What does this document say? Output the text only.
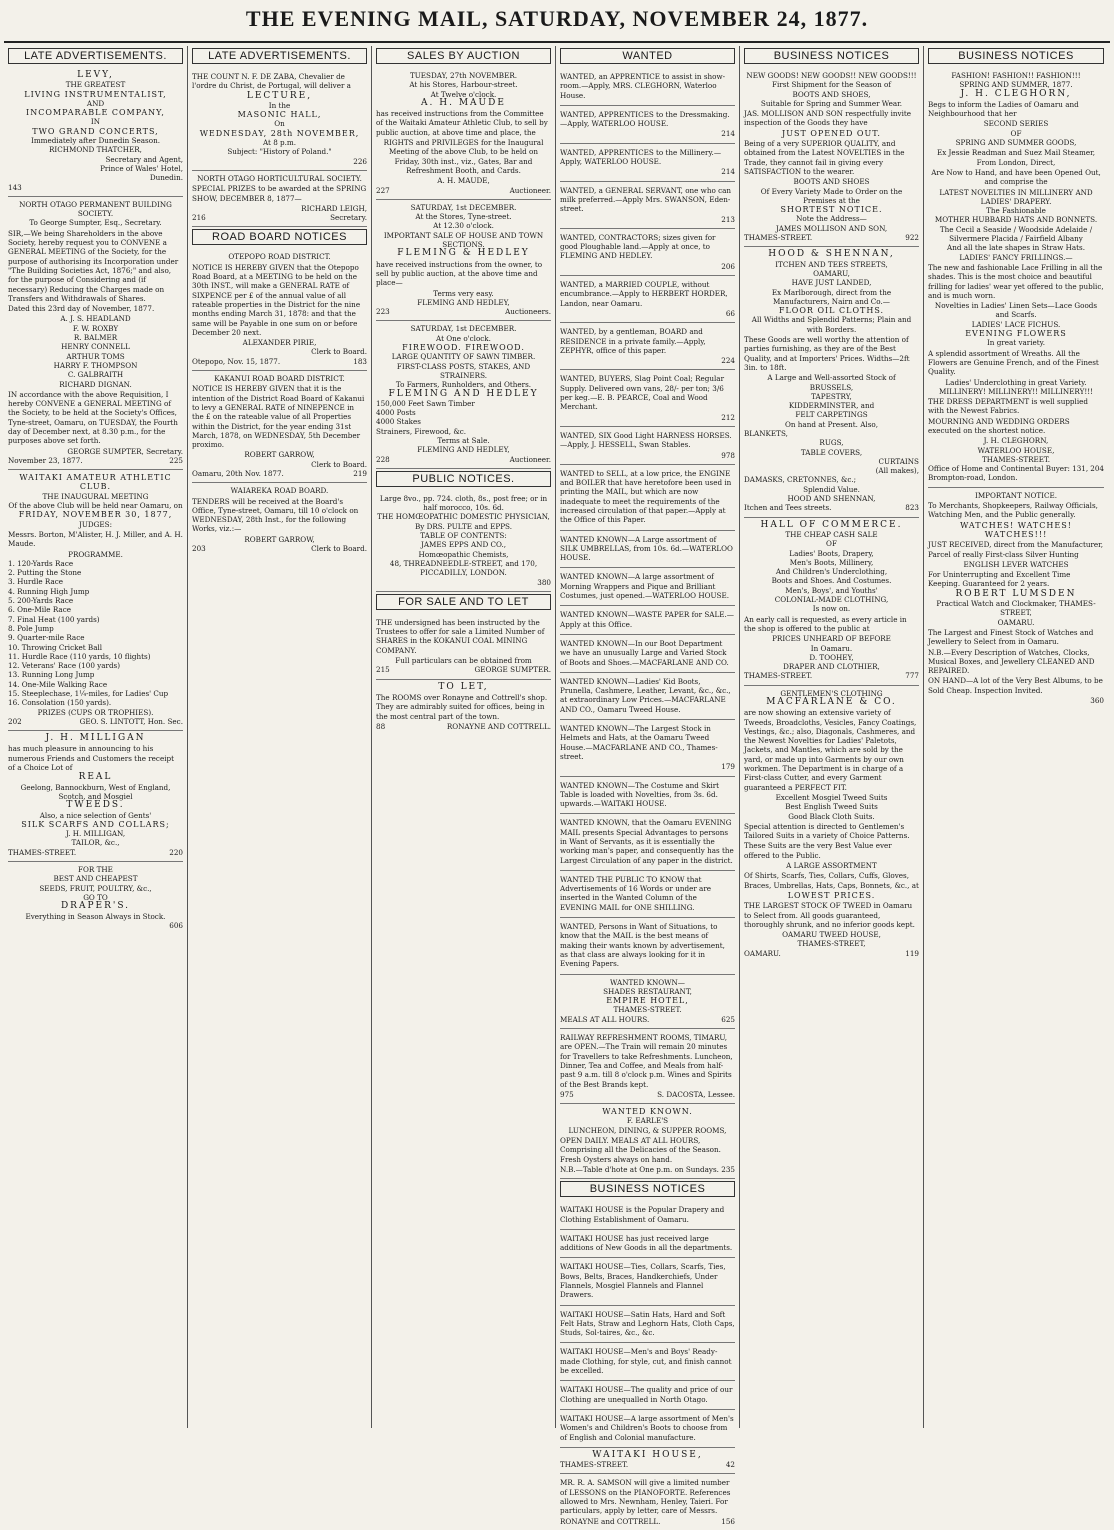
THE EVENING MAIL, SATURDAY, NOVEMBER 24, 1877.
LATE ADVERTISEMENTS.
LEVY,
THE GREATEST
LIVING INSTRUMENTALIST,
AND
INCOMPARABLE COMPANY,
IN
TWO GRAND CONCERTS,
Immediately after Dunedin Season.
RICHMOND THATCHER,
Secretary and Agent,
Prince of Wales' Hotel,
Dunedin.
143
NORTH OTAGO PERMANENT BUILDING SOCIETY.
To George Sumpter, Esq., Secretary.

SIR,—We being Shareholders in the above Society, hereby request you to CONVENE a GENERAL MEETING of the Society, for the purpose of authorising its Incorporation under "The Building Societies Act, 1876;" and also, for the purpose of Considering and (if necessary) Reducing the Charges made on Transfers and Withdrawals of Shares.

Dated this 23rd day of November, 1877.

A. J. S. HEADLAND
F. W. ROXBY
R. BALMER
HENRY CONNELL
ARTHUR TOMS
HARRY F. THOMPSON
C. GALBRAITH
RICHARD DIGNAN.

IN accordance with the above Requisition, I hereby CONVENE a GENERAL MEETING of the Society, to be held at the Society's Offices, Tyne-street, Oamaru, on TUESDAY, the Fourth day of December next, at 8.30 p.m., for the purposes above set forth.

GEORGE SUMPTER, Secretary.
November 23, 1877.	225
WAITAKI AMATEUR ATHLETIC CLUB.
THE INAUGURAL MEETING
Of the above Club will be held near Oamaru, on
FRIDAY, NOVEMBER 30, 1877,
JUDGES:

Messrs. Borton, M'Alister, H. J. Miller, and A. H. Maude.

PROGRAMME.
1. 120-Yards Race
2. Putting the Stone
3. Hurdle Race
4. Running High Jump
5. 200-Yards Race
6. One-Mile Race
7. Final Heat (100 yards)
8. Pole Jump
9. Quarter-mile Race
10. Throwing Cricket Ball
11. Hurdle Race (110 yards, 10 flights)
12. Veterans' Race (100 yards)
13. Running Long Jump
14. One-Mile Walking Race
15. Steeplechase, 1¼-miles, for Ladies' Cup
16. Consolation (150 yards).
PRIZES (CUPS OR TROPHIES).
202	GEO. S. LINTOTT, Hon. Sec.
J. H. MILLIGAN

has much pleasure in announcing to his numerous Friends and Customers the receipt of a Choice Lot of

REAL
Geelong, Bannockburn, West of England, Scotch, and Mosgiel
TWEEDS.
Also, a nice selection of Gents'
SILK SCARFS AND COLLARS;
J. H. MILLIGAN,
TAILOR, &c.,
THAMES-STREET.	220
FOR THE
BEST AND CHEAPEST
SEEDS, FRUIT, POULTRY, &c.,
GO TO
DRAPER'S.
Everything in Season Always in Stock.
606
LATE ADVERTISEMENTS.

THE COUNT N. F. DE ZABA, Chevalier de l'ordre du Christ, de Portugal, will deliver a

LECTURE,
In the
MASONIC HALL,
On
WEDNESDAY, 28th NOVEMBER,
At 8 p.m.
Subject: "History of Poland."
226
NORTH OTAGO HORTICULTURAL SOCIETY.

SPECIAL PRIZES to be awarded at the SPRING SHOW, DECEMBER 8, 1877—

RICHARD LEIGH,
216	Secretary.
ROAD BOARD NOTICES
OTEPOPO ROAD DISTRICT.

NOTICE IS HEREBY GIVEN that the Otepopo Road Board, at a MEETING to be held on the 30th INST., will make a GENERAL RATE of SIXPENCE per £ of the annual value of all rateable properties in the District for the nine months ending March 31, 1878: and that the same will be Payable in one sum on or before December 20 next.

ALEXANDER PIRIE,
Clerk to Board.
Otepopo, Nov. 15, 1877.	183
KAKANUI ROAD BOARD DISTRICT.

NOTICE IS HEREBY GIVEN that it is the intention of the District Road Board of Kakanui to levy a GENERAL RATE of NINEPENCE in the £ on the rateable value of all Properties within the District, for the year ending 31st March, 1878, on WEDNESDAY, 5th December proximo.

ROBERT GARROW,
Clerk to Board.
Oamaru, 20th Nov. 1877.	219
WAIAREKA ROAD BOARD.

TENDERS will be received at the Board's Office, Tyne-street, Oamaru, till 10 o'clock on WEDNESDAY, 28th Inst., for the following Works, viz.:—

ROBERT GARROW,
203	Clerk to Board.
SALES BY AUCTION
TUESDAY, 27th NOVEMBER.
At his Stores, Harbour-street.
At Twelve o'clock.
A. H. MAUDE

has received instructions from the Committee of the Waitaki Amateur Athletic Club, to sell by public auction, at above time and place, the

RIGHTS and PRIVILEGES for the Inaugural Meeting of the above Club, to be held on Friday, 30th inst., viz., Gates, Bar and Refreshment Booth, and Cards.

A. H. MAUDE,
227	Auctioneer.
SATURDAY, 1st DECEMBER.
At the Stores, Tyne-street.
At 12.30 o'clock.
IMPORTANT SALE OF HOUSE AND TOWN SECTIONS.
FLEMING & HEDLEY

have received instructions from the owner, to sell by public auction, at the above time and place—

Terms very easy.
FLEMING AND HEDLEY,
223	Auctioneers.
SATURDAY, 1st DECEMBER.
At One o'clock.
FIREWOOD. FIREWOOD.
LARGE QUANTITY OF SAWN TIMBER.
FIRST-CLASS POSTS, STAKES, AND STRAINERS.
To Farmers, Runholders, and Others.
FLEMING AND HEDLEY
150,000 Feet Sawn Timber
4000 Posts
4000 Stakes
Strainers, Firewood, &c.
Terms at Sale.
FLEMING AND HEDLEY,
228	Auctioneer.
PUBLIC NOTICES.
Large 8vo., pp. 724. cloth, 8s., post free; or in half morocco, 10s. 6d.
THE HOMŒOPATHIC DOMESTIC PHYSICIAN,
By DRS. PULTE and EPPS.
TABLE OF CONTENTS:
JAMES EPPS AND CO.,
Homœopathic Chemists,
48, THREADNEEDLE-STREET, and 170, PICCADILLY, LONDON.
380
FOR SALE AND TO LET

THE undersigned has been instructed by the Trustees to offer for sale a Limited Number of SHARES in the KOKANUI COAL MINING COMPANY.

Full particulars can be obtained from
215	GEORGE SUMPTER.
TO LET,

The ROOMS over Ronayne and Cottrell's shop. They are admirably suited for offices, being in the most central part of the town.

88	RONAYNE AND COTTRELL.
WANTED

WANTED, an APPRENTICE to assist in show-room.—Apply, MRS. CLEGHORN, Waterloo House.

WANTED, APPRENTICES to the Dressmaking.—Apply, WATERLOO HOUSE.

214

WANTED, APPRENTICES to the Millinery.—Apply, WATERLOO HOUSE.

214

WANTED, a GENERAL SERVANT, one who can milk preferred.—Apply Mrs. SWANSON, Eden-street.

213

WANTED, CONTRACTORS; sizes given for good Ploughable land.—Apply at once, to FLEMING AND HEDLEY.

206

WANTED, a MARRIED COUPLE, without encumbrance.—Apply to HERBERT HORDER, Landon, near Oamaru.

66

WANTED, by a gentleman, BOARD and RESIDENCE in a private family.—Apply, ZEPHYR, office of this paper.

224

WANTED, BUYERS, Slag Point Coal; Regular Supply. Delivered own vans, 28/- per ton; 3/6 per keg.—E. B. PEARCE, Coal and Wood Merchant.

212

WANTED, SIX Good Light HARNESS HORSES.—Apply, J. HESSELL, Swan Stables.

978

WANTED to SELL, at a low price, the ENGINE and BOILER that have heretofore been used in printing the MAIL, but which are now inadequate to meet the requirements of the increased circulation of that paper.—Apply at the Office of this Paper.

WANTED KNOWN—A Large assortment of SILK UMBRELLAS, from 10s. 6d.—WATERLOO HOUSE.

WANTED KNOWN—A large assortment of Morning Wrappers and Pique and Brilliant Costumes, just opened.—WATERLOO HOUSE.

WANTED KNOWN—WASTE PAPER for SALE.—Apply at this Office.

WANTED KNOWN—In our Boot Department we have an unusually Large and Varied Stock of Boots and Shoes.—MACFARLANE AND CO.

WANTED KNOWN—Ladies' Kid Boots, Prunella, Cashmere, Leather, Levant, &c., &c., at extraordinary Low Prices.—MACFARLANE AND CO., Oamaru Tweed House.

WANTED KNOWN—The Largest Stock in Helmets and Hats, at the Oamaru Tweed House.—MACFARLANE AND CO., Thames-street.

179

WANTED KNOWN—The Costume and Skirt Table is loaded with Novelties, from 3s. 6d. upwards.—WAITAKI HOUSE.

WANTED KNOWN, that the Oamaru EVENING MAIL presents Special Advantages to persons in Want of Servants, as it is essentially the working man's paper, and consequently has the Largest Circulation of any paper in the district.

WANTED THE PUBLIC TO KNOW that Advertisements of 16 Words or under are inserted in the Wanted Column of the EVENING MAIL for ONE SHILLING.

WANTED, Persons in Want of Situations, to know that the MAIL is the best means of making their wants known by advertisement, as that class are always looking for it in Evening Papers.

WANTED KNOWN—
SHADES RESTAURANT,
EMPIRE HOTEL,
THAMES-STREET.
MEALS AT ALL HOURS.	625

RAILWAY REFRESHMENT ROOMS, TIMARU, are OPEN.—The Train will remain 20 minutes for Travellers to take Refreshments. Luncheon, Dinner, Tea and Coffee, and Meals from half-past 9 a.m. till 8 o'clock p.m. Wines and Spirits of the Best Brands kept.

975	S. DACOSTA, Lessee.
WANTED KNOWN.
F. EARLE'S
LUNCHEON, DINING, & SUPPER ROOMS,

OPEN DAILY. MEALS AT ALL HOURS, Comprising all the Delicacies of the Season. Fresh Oysters always on hand.

N.B.—Table d'hote at One p.m. on Sundays. 235
BUSINESS NOTICES

WAITAKI HOUSE is the Popular Drapery and Clothing Establishment of Oamaru.

WAITAKI HOUSE has just received large additions of New Goods in all the departments.

WAITAKI HOUSE—Ties, Collars, Scarfs, Ties, Bows, Belts, Braces, Handkerchiefs, Under Flannels, Mosgiel Flannels and Flannel Drawers.

WAITAKI HOUSE—Satin Hats, Hard and Soft Felt Hats, Straw and Leghorn Hats, Cloth Caps, Studs, Sol-taires, &c., &c.

WAITAKI HOUSE—Men's and Boys' Ready-made Clothing, for style, cut, and finish cannot be excelled.

WAITAKI HOUSE—The quality and price of our Clothing are unequalled in North Otago.

WAITAKI HOUSE—A large assortment of Men's Women's and Children's Boots to choose from of English and Colonial manufacture.

WAITAKI HOUSE,
THAMES-STREET.	42

MR. R. A. SAMSON will give a limited number of LESSONS on the PIANOFORTE. References allowed to Mrs. Newnham, Henley, Taieri. For particulars, apply by letter, care of Messrs.

RONAYNE and COTTRELL.	156
BUSINESS NOTICES
NEW GOODS! NEW GOODS!! NEW GOODS!!!
First Shipment for the Season of
BOOTS AND SHOES,
Suitable for Spring and Summer Wear.

JAS. MOLLISON AND SON respectfully invite inspection of the Goods they have

JUST OPENED OUT.

Being of a very SUPERIOR QUALITY, and obtained from the Latest NOVELTIES in the Trade, they cannot fail in giving every SATISFACTION to the wearer.

BOOTS AND SHOES
Of Every Variety Made to Order on the Premises at the
SHORTEST NOTICE.
Note the Address—
JAMES MOLLISON AND SON,
THAMES-STREET.	922
HOOD & SHENNAN,
ITCHEN AND TEES STREETS,
OAMARU,
HAVE JUST LANDED,
Ex Marlborough, direct from the Manufacturers, Nairn and Co.—
FLOOR OIL CLOTHS.
All Widths and Splendid Patterns; Plain and with Borders.

These Goods are well worthy the attention of parties furnishing, as they are of the Best Quality, and at Importers' Prices. Widths—2ft 3in. to 18ft.

A Large and Well-assorted Stock of
BRUSSELS,
TAPESTRY,
KIDDERMINSTER, and
FELT CARPETINGS
On hand at Present. Also,
BLANKETS,
RUGS,
TABLE COVERS,
CURTAINS
(All makes),
DAMASKS, CRETONNES, &c.;
Splendid Value.
HOOD AND SHENNAN,
Itchen and Tees streets.	823
HALL OF COMMERCE.
THE CHEAP CASH SALE
OF
Ladies' Boots, Drapery,
Men's Boots, Millinery,
And Children's Underclothing,
Boots and Shoes. And Costumes.
Men's, Boys', and Youths'
COLONIAL-MADE CLOTHING,
Is now on.

An early call is requested, as every article in the shop is offered to the public at

PRICES UNHEARD OF BEFORE
In Oamaru.
D. TOOHEY,
DRAPER AND CLOTHIER,
THAMES-STREET.	777
GENTLEMEN'S CLOTHING
MACFARLANE & CO.

are now showing an extensive variety of Tweeds, Broadcloths, Vesicles, Fancy Coatings, Vestings, &c.; also, Diagonals, Cashmeres, and the Newest Novelties for Ladies' Paletots, Jackets, and Mantles, which are sold by the yard, or made up into Garments by our own workmen. The Department is in charge of a First-class Cutter, and every Garment guaranteed a PERFECT FIT.

Excellent Mosgiel Tweed Suits
Best English Tweed Suits
Good Black Cloth Suits.

Special attention is directed to Gentlemen's Tailored Suits in a variety of Choice Patterns.

These Suits are the very Best Value ever offered to the Public.

A LARGE ASSORTMENT

Of Shirts, Scarfs, Ties, Collars, Cuffs, Gloves, Braces, Umbrellas, Hats, Caps, Bonnets, &c., at

LOWEST PRICES.

THE LARGEST STOCK OF TWEED in Oamaru to Select from. All goods guaranteed, thoroughly shrunk, and no inferior goods kept.

OAMARU TWEED HOUSE,
THAMES-STREET,
OAMARU.	119
BUSINESS NOTICES
FASHION! FASHION!! FASHION!!!
SPRING AND SUMMER, 1877.
J. H. CLEGHORN,

Begs to inform the Ladies of Oamaru and Neighbourhood that her

SECOND SERIES
OF
SPRING AND SUMMER GOODS,

Ex Jessie Readman and Suez Mail Steamer, From London, Direct,

Are Now to Hand, and have been Opened Out, and comprise the

LATEST NOVELTIES IN MILLINERY AND LADIES' DRAPERY.
The Fashionable
MOTHER HUBBARD HATS AND BONNETS.
The Cecil a Seaside / Woodside Adelaide / Silvermere Placida / Fairfield Albany
And all the late shapes in Straw Hats.
LADIES' FANCY FRILLINGS.—

The new and fashionable Lace Frilling in all the shades. This is the most choice and beautiful frilling for ladies' wear yet offered to the public, and is much worn.

Novelties in Ladies' Linen Sets—Lace Goods and Scarfs.
LADIES' LACE FICHUS.
EVENING FLOWERS
In great variety.

A splendid assortment of Wreaths. All the Flowers are Genuine French, and of the Finest Quality.

Ladies' Underclothing in great Variety.
MILLINERY! MILLINERY!! MILLINERY!!!

THE DRESS DEPARTMENT is well supplied with the Newest Fabrics.

MOURNING AND WEDDING ORDERS executed on the shortest notice.

J. H. CLEGHORN,
WATERLOO HOUSE,
THAMES-STREET.
Office of Home and Continental Buyer: 131, Brompton-road, London.
204
IMPORTANT NOTICE.

To Merchants, Shopkeepers, Railway Officials, Watching Men, and the Public generally.

WATCHES! WATCHES! WATCHES!!!

JUST RECEIVED, direct from the Manufacturer, Parcel of really First-class Silver Hunting

ENGLISH LEVER WATCHES

For Uninterrupting and Excellent Time Keeping. Guaranteed for 2 years.

ROBERT LUMSDEN
Practical Watch and Clockmaker, THAMES-STREET,
OAMARU.

The Largest and Finest Stock of Watches and Jewellery to Select from in Oamaru.

N.B.—Every Description of Watches, Clocks, Musical Boxes, and Jewellery CLEANED AND REPAIRED.

ON HAND—A lot of the Very Best Albums, to be Sold Cheap. Inspection Invited.

360
